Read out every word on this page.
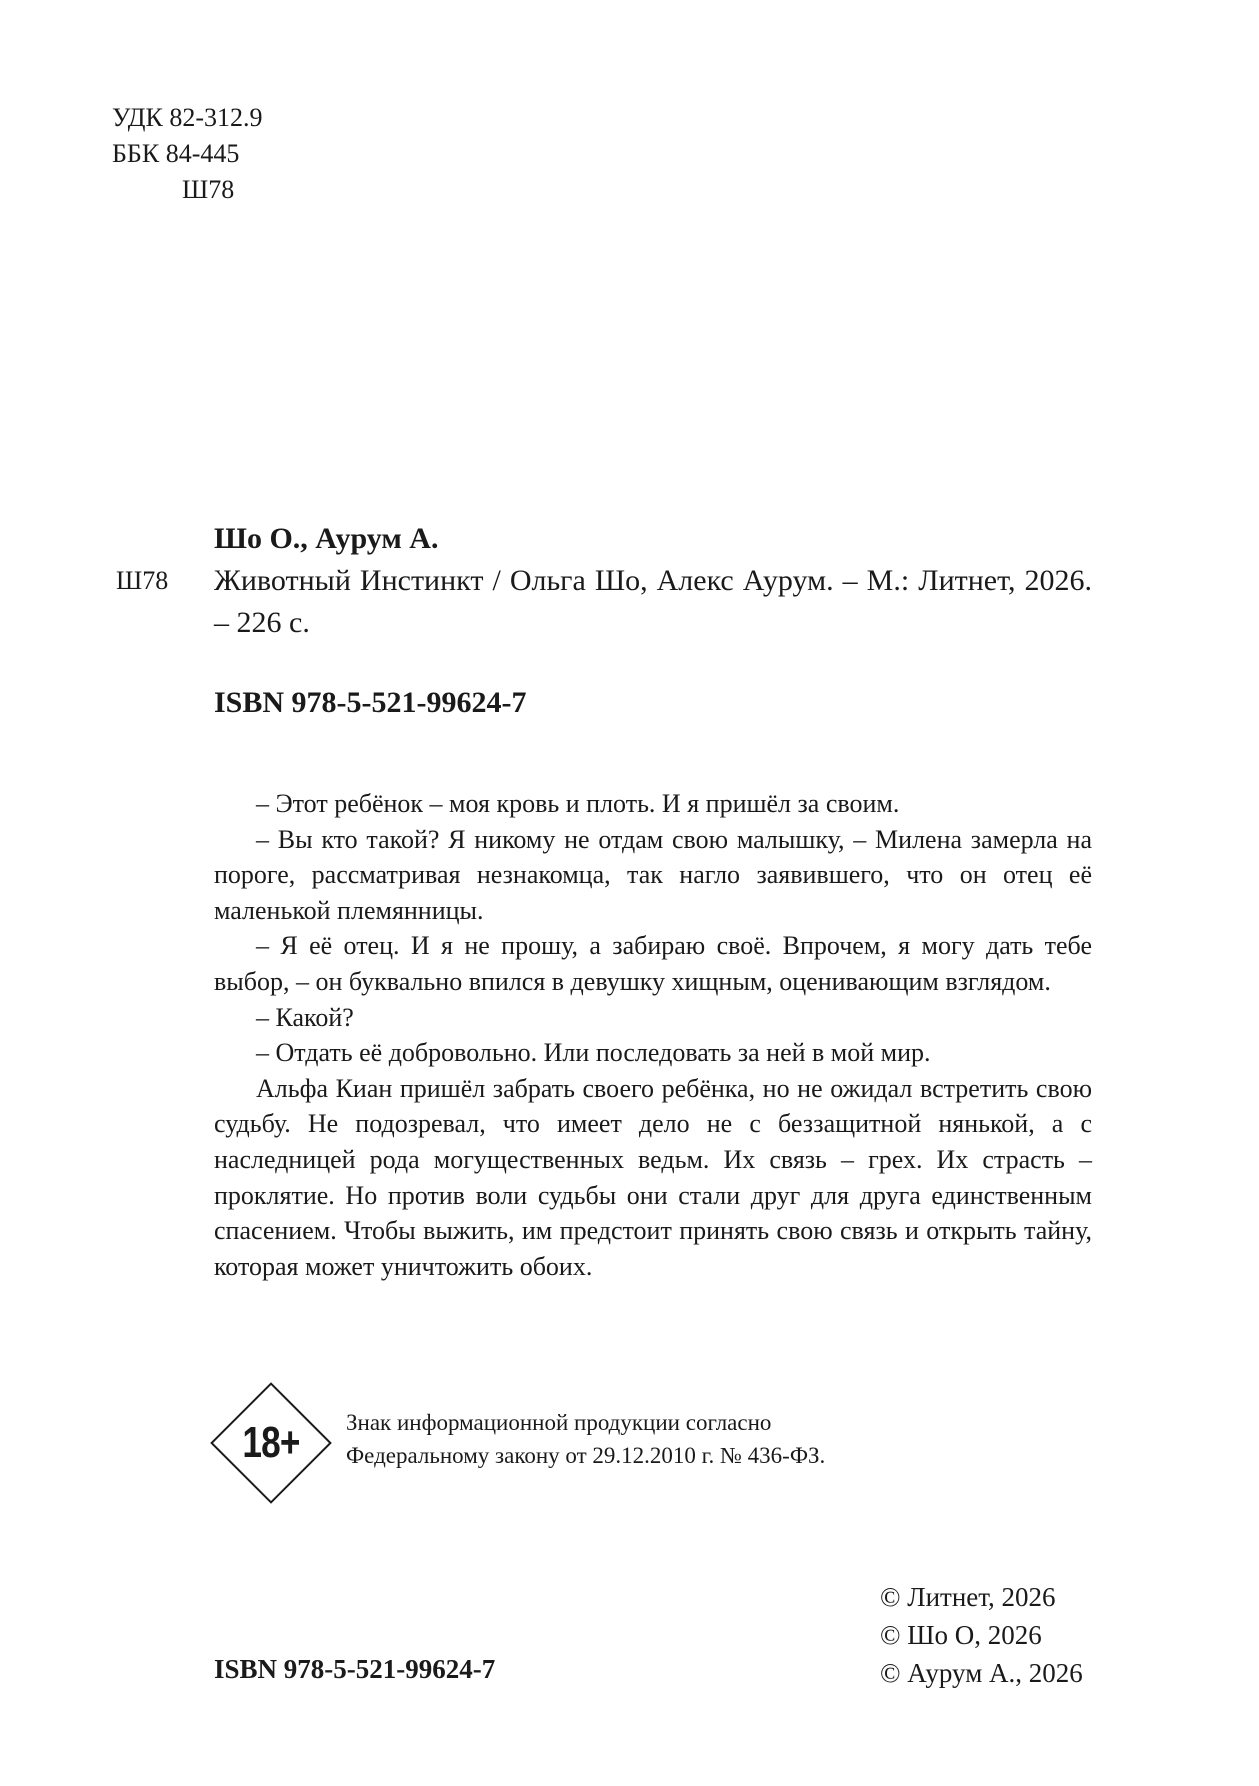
УДК 82-312.9
ББК 84-445
Ш78
Ш78
Шо О., Аурум А.
Животный Инстинкт / Ольга Шо, Алекс Аурум. – М.: Литнет, 2026. – 226 с.
ISBN 978-5-521-99624-7

– Этот ребёнок – моя кровь и плоть. И я пришёл за своим.

– Вы кто такой? Я никому не отдам свою малышку, – Милена замерла на пороге, рассматривая незнакомца, так нагло заявившего, что он отец её маленькой племянницы.

– Я её отец. И я не прошу, а забираю своё. Впрочем, я могу дать тебе выбор, – он буквально впился в девушку хищным, оценивающим взглядом.

– Какой?

– Отдать её добровольно. Или последовать за ней в мой мир.

Альфа Киан пришёл забрать своего ребёнка, но не ожидал встретить свою судьбу. Не подозревал, что имеет дело не с беззащитной нянькой, а с наследницей рода могущественных ведьм. Их связь – грех. Их страсть – проклятие. Но против воли судьбы они стали друг для друга единственным спасением. Чтобы выжить, им предстоит принять свою связь и открыть тайну, которая может уничтожить обоих.

18+	Знак информационной продукции согласно
Федеральному закону от 29.12.2010 г. № 436-ФЗ.
ISBN 978-5-521-99624-7
© Литнет, 2026
© Шо О, 2026
© Аурум А., 2026
